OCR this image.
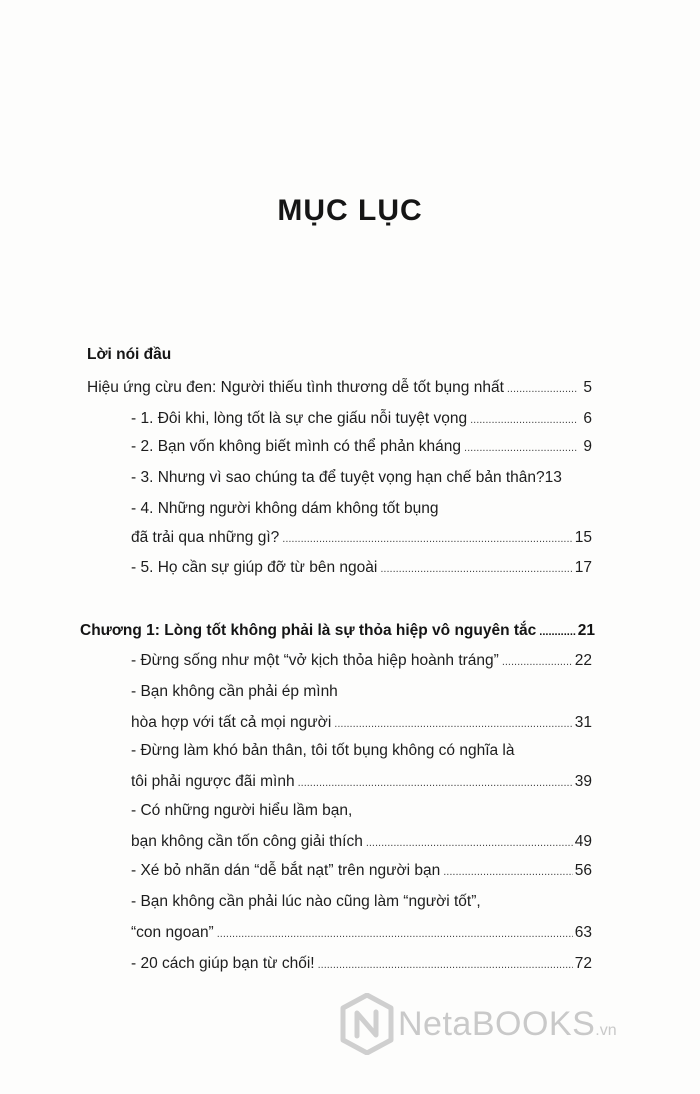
MỤC LỤC
Lời nói đầu
Hiệu ứng cừu đen: Người thiếu tình thương dễ tốt bụng nhất .....	5
- 1. Đôi khi, lòng tốt là sự che giấu nỗi tuyệt vọng .....	6
- 2. Bạn vốn không biết mình có thể phản kháng .....	9
- 3. Nhưng vì sao chúng ta để tuyệt vọng hạn chế bản thân? 13
- 4. Những người không dám không tốt bụng
đã trải qua những gì? .....	15
- 5. Họ cần sự giúp đỡ từ bên ngoài .....	17
Chương 1: Lòng tốt không phải là sự thỏa hiệp vô nguyên tắc .....	21
- Đừng sống như một “vở kịch thỏa hiệp hoành tráng” .....	22
- Bạn không cần phải ép mình
hòa hợp với tất cả mọi người .....	31
- Đừng làm khó bản thân, tôi tốt bụng không có nghĩa là
tôi phải ngược đãi mình .....	39
- Có những người hiểu lầm bạn,
bạn không cần tốn công giải thích .....	49
- Xé bỏ nhãn dán “dễ bắt nạt” trên người bạn .....	56
- Bạn không cần phải lúc nào cũng làm “người tốt”,
“con ngoan” .....	63
- 20 cách giúp bạn từ chối! .....	72
NetaBOOKS.vn
